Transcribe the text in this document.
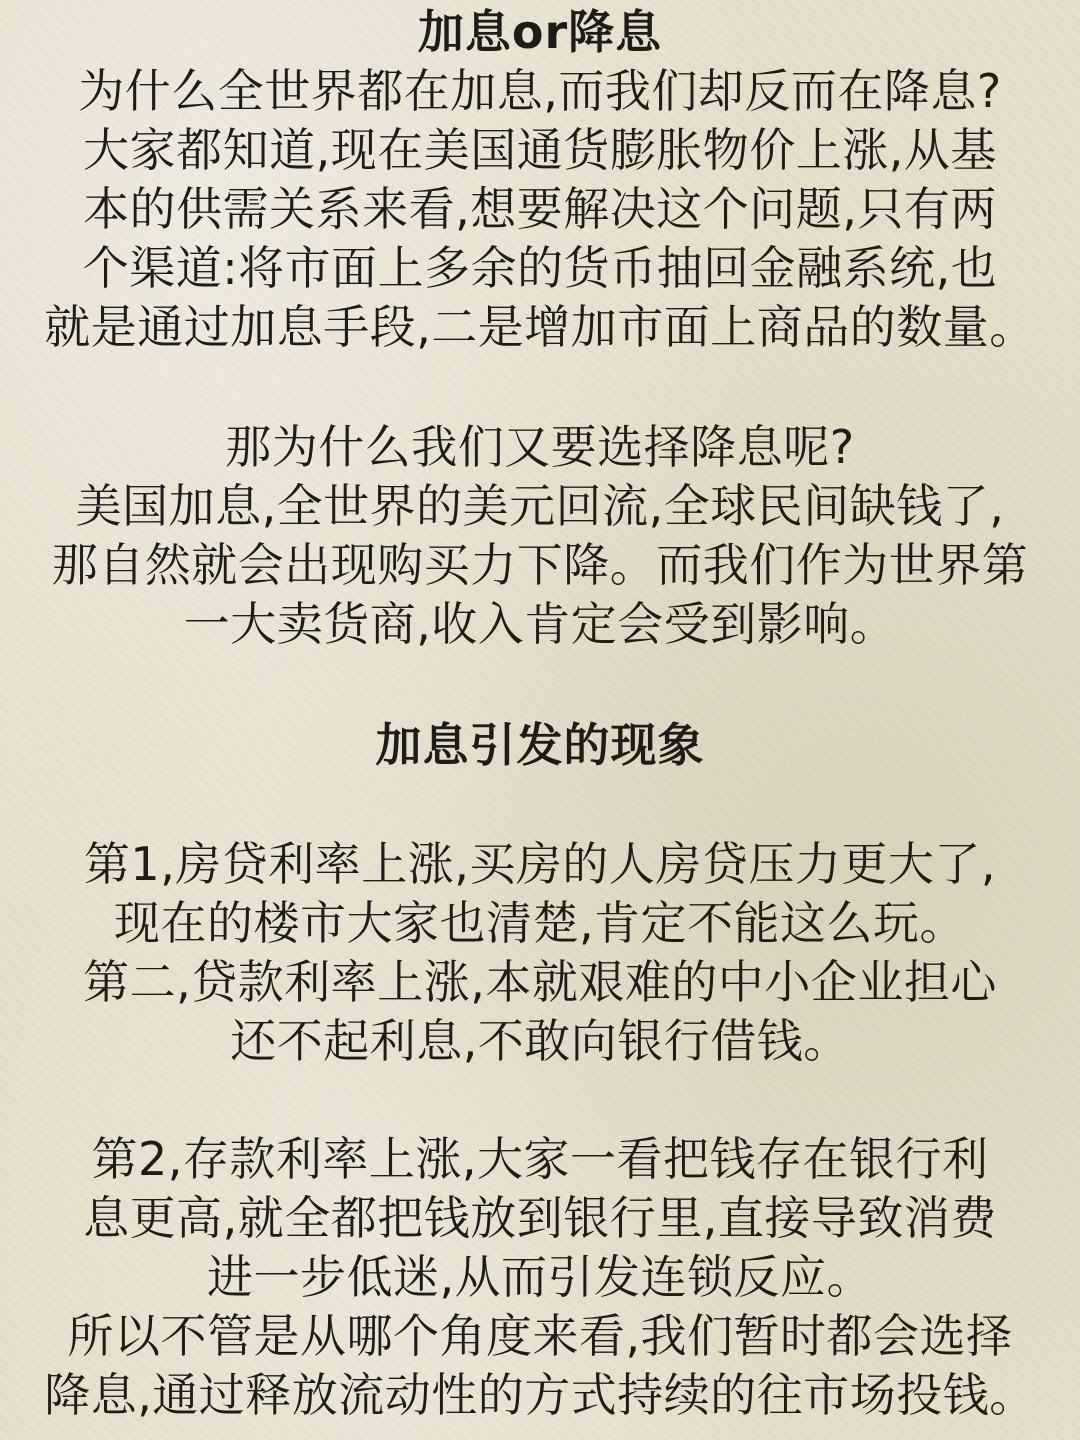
加息or降息
为什么全世界都在加息,而我们却反而在降息?
大家都知道,现在美国通货膨胀物价上涨,从基
本的供需关系来看,想要解决这个问题,只有两
个渠道:将市面上多余的货币抽回金融系统,也
就是通过加息手段,二是增加市面上商品的数量。
那为什么我们又要选择降息呢?
美国加息,全世界的美元回流,全球民间缺钱了,
那自然就会出现购买力下降。而我们作为世界第
一大卖货商,收入肯定会受到影响。
加息引发的现象
第1,房贷利率上涨,买房的人房贷压力更大了,
现在的楼市大家也清楚,肯定不能这么玩。
第二,贷款利率上涨,本就艰难的中小企业担心
还不起利息,不敢向银行借钱。
第2,存款利率上涨,大家一看把钱存在银行利
息更高,就全都把钱放到银行里,直接导致消费
进一步低迷,从而引发连锁反应。
所以不管是从哪个角度来看,我们暂时都会选择
降息,通过释放流动性的方式持续的往市场投钱。
